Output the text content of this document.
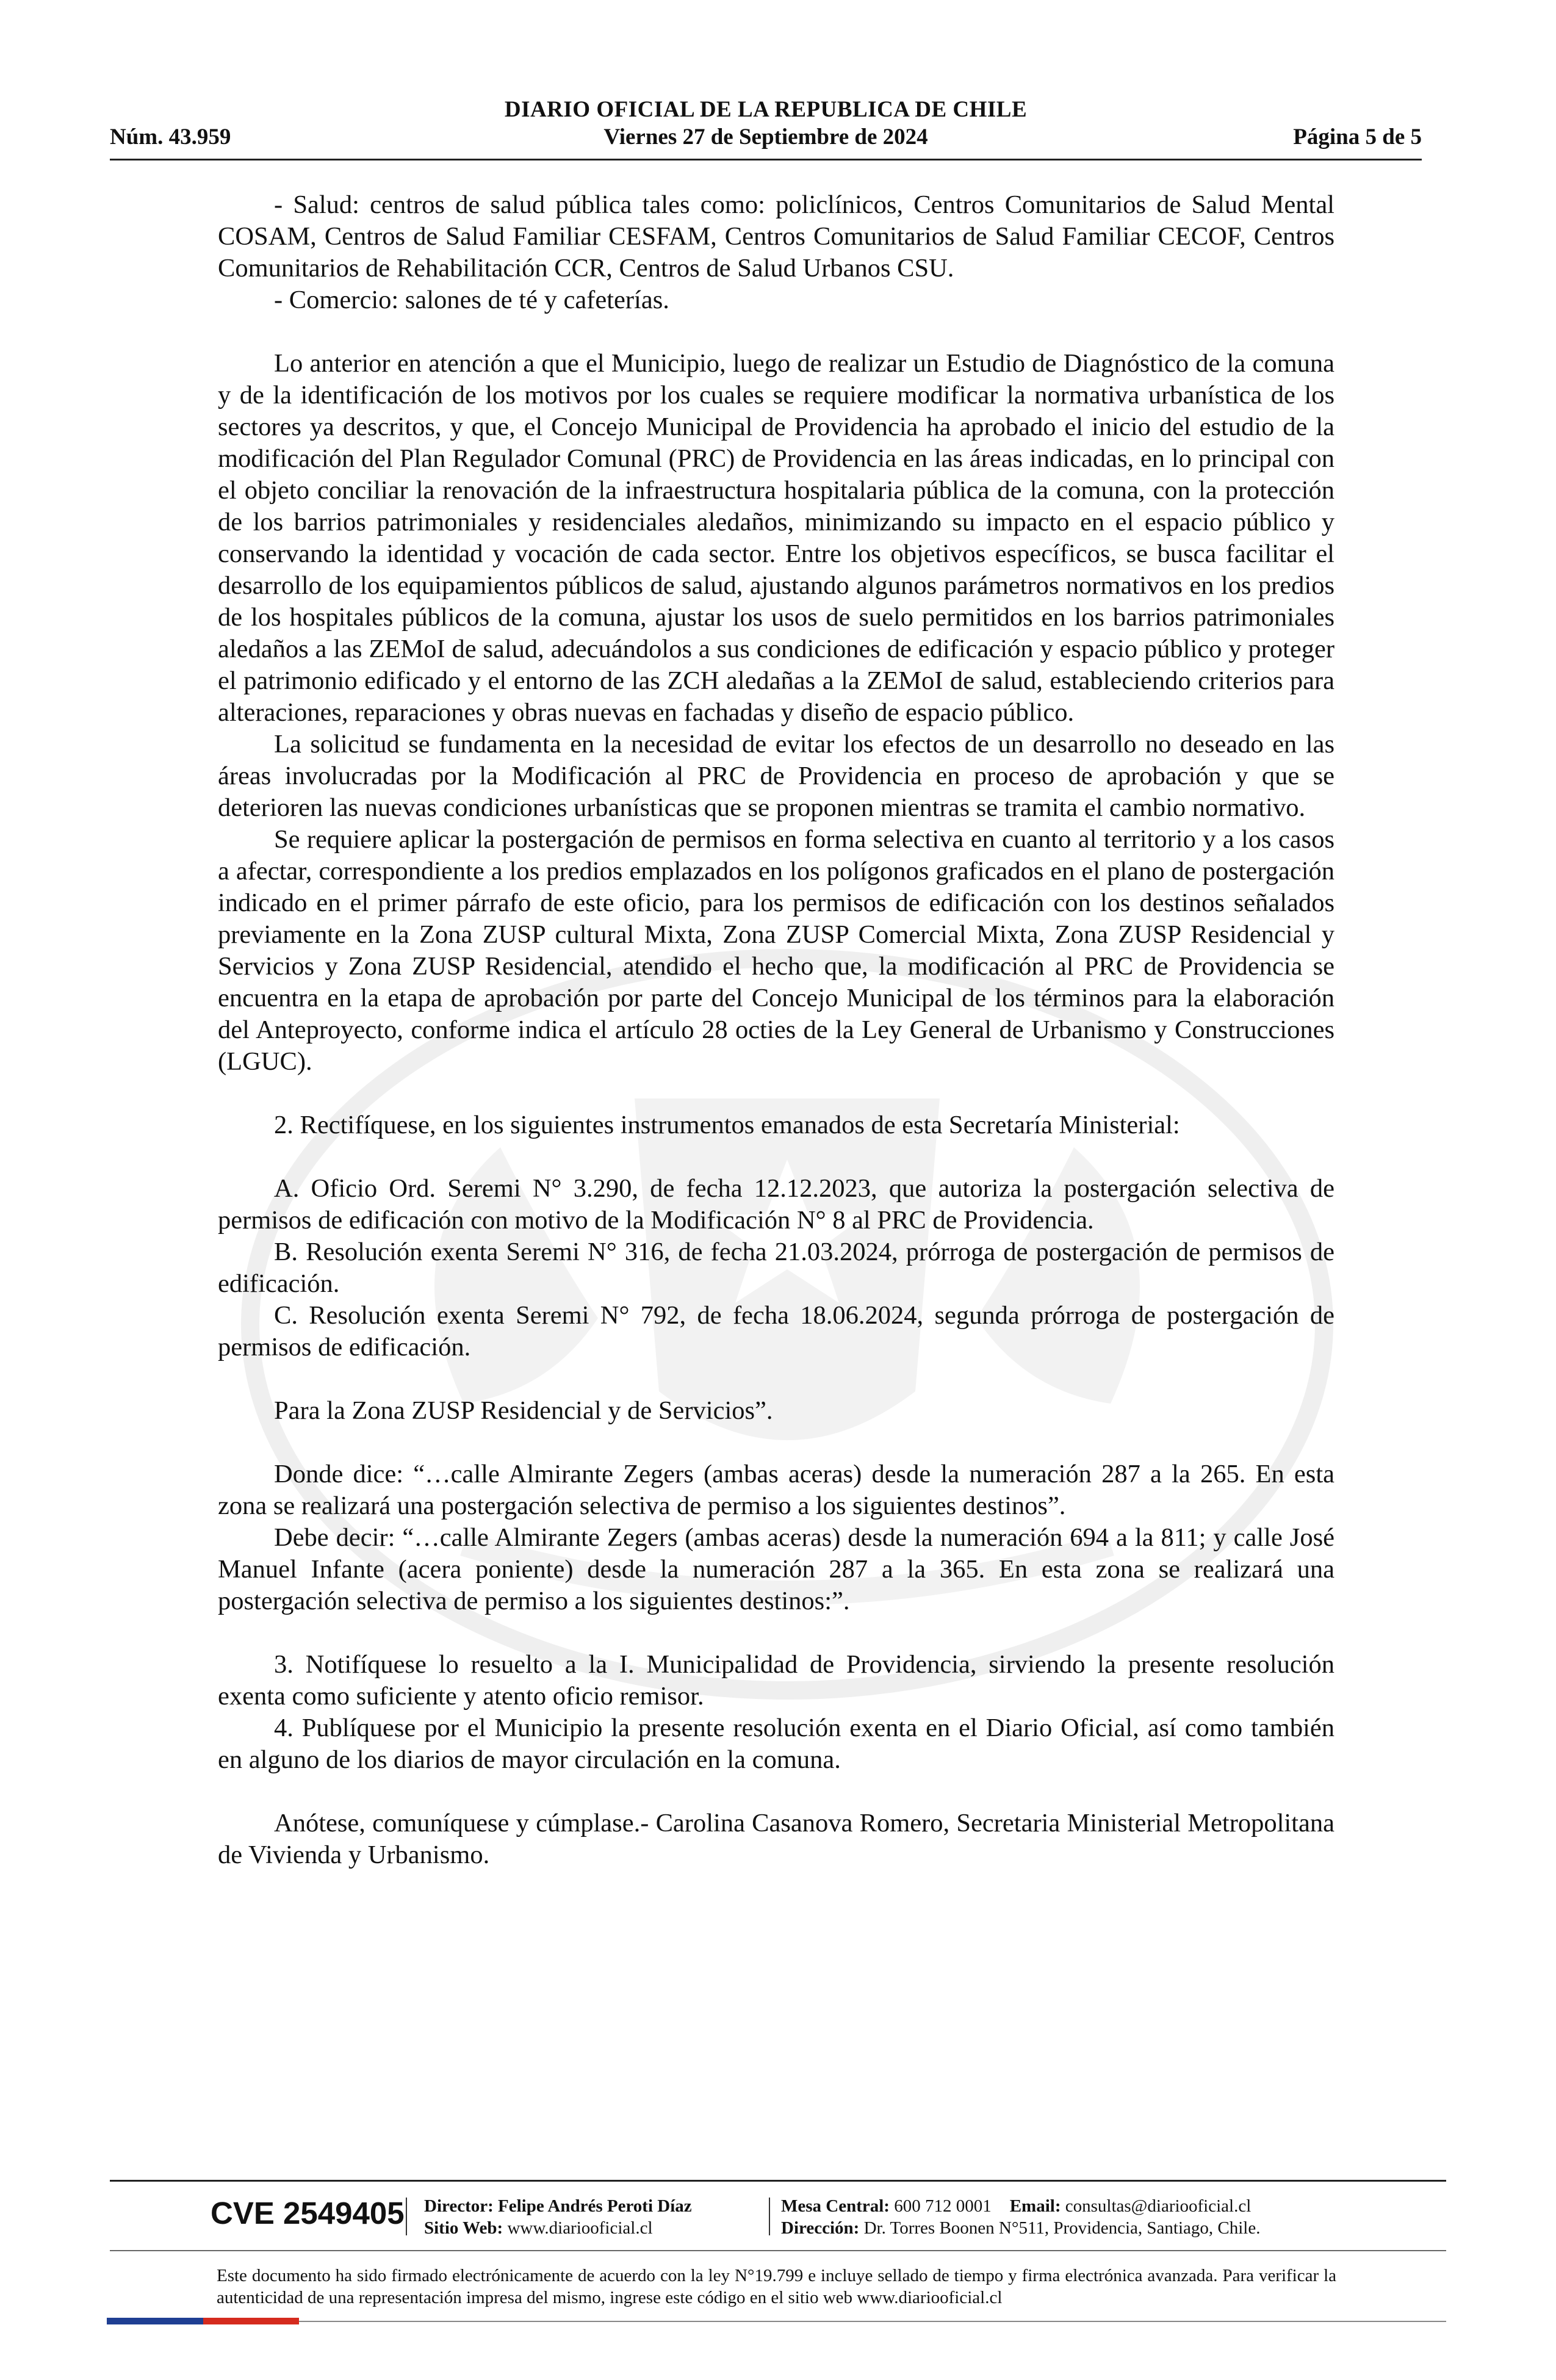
DIARIO OFICIAL DE LA REPUBLICA DE CHILE
Núm. 43.959	Viernes 27 de Septiembre de 2024	Página 5 de 5

- Salud: centros de salud pública tales como: policlínicos, Centros Comunitarios de Salud Mental COSAM, Centros de Salud Familiar CESFAM, Centros Comunitarios de Salud Familiar CECOF, Centros Comunitarios de Rehabilitación CCR, Centros de Salud Urbanos CSU.

- Comercio: salones de té y cafeterías.

Lo anterior en atención a que el Municipio, luego de realizar un Estudio de Diagnóstico de la comuna y de la identificación de los motivos por los cuales se requiere modificar la normativa urbanística de los sectores ya descritos, y que, el Concejo Municipal de Providencia ha aprobado el inicio del estudio de la modificación del Plan Regulador Comunal (PRC) de Providencia en las áreas indicadas, en lo principal con el objeto conciliar la renovación de la infraestructura hospitalaria pública de la comuna, con la protección de los barrios patrimoniales y residenciales aledaños, minimizando su impacto en el espacio público y conservando la identidad y vocación de cada sector. Entre los objetivos específicos, se busca facilitar el desarrollo de los equipamientos públicos de salud, ajustando algunos parámetros normativos en los predios de los hospitales públicos de la comuna, ajustar los usos de suelo permitidos en los barrios patrimoniales aledaños a las ZEMoI de salud, adecuándolos a sus condiciones de edificación y espacio público y proteger el patrimonio edificado y el entorno de las ZCH aledañas a la ZEMoI de salud, estableciendo criterios para alteraciones, reparaciones y obras nuevas en fachadas y diseño de espacio público.

La solicitud se fundamenta en la necesidad de evitar los efectos de un desarrollo no deseado en las áreas involucradas por la Modificación al PRC de Providencia en proceso de aprobación y que se deterioren las nuevas condiciones urbanísticas que se proponen mientras se tramita el cambio normativo.

Se requiere aplicar la postergación de permisos en forma selectiva en cuanto al territorio y a los casos a afectar, correspondiente a los predios emplazados en los polígonos graficados en el plano de postergación indicado en el primer párrafo de este oficio, para los permisos de edificación con los destinos señalados previamente en la Zona ZUSP cultural Mixta, Zona ZUSP Comercial Mixta, Zona ZUSP Residencial y Servicios y Zona ZUSP Residencial, atendido el hecho que, la modificación al PRC de Providencia se encuentra en la etapa de aprobación por parte del Concejo Municipal de los términos para la elaboración del Anteproyecto, conforme indica el artículo 28 octies de la Ley General de Urbanismo y Construcciones (LGUC).

2. Rectifíquese, en los siguientes instrumentos emanados de esta Secretaría Ministerial:

A. Oficio Ord. Seremi N° 3.290, de fecha 12.12.2023, que autoriza la postergación selectiva de permisos de edificación con motivo de la Modificación N° 8 al PRC de Providencia.

B. Resolución exenta Seremi N° 316, de fecha 21.03.2024, prórroga de postergación de permisos de edificación.

C. Resolución exenta Seremi N° 792, de fecha 18.06.2024, segunda prórroga de postergación de permisos de edificación.

Para la Zona ZUSP Residencial y de Servicios”.

Donde dice: “…calle Almirante Zegers (ambas aceras) desde la numeración 287 a la 265. En esta zona se realizará una postergación selectiva de permiso a los siguientes destinos”.

Debe decir: “…calle Almirante Zegers (ambas aceras) desde la numeración 694 a la 811; y calle José Manuel Infante (acera poniente) desde la numeración 287 a la 365. En esta zona se realizará una postergación selectiva de permiso a los siguientes destinos:”.

3. Notifíquese lo resuelto a la I. Municipalidad de Providencia, sirviendo la presente resolución exenta como suficiente y atento oficio remisor.

4. Publíquese por el Municipio la presente resolución exenta en el Diario Oficial, así como también en alguno de los diarios de mayor circulación en la comuna.

Anótese, comuníquese y cúmplase.- Carolina Casanova Romero, Secretaria Ministerial Metropolitana de Vivienda y Urbanismo.

CVE 2549405 Director: Felipe Andrés Peroti Díaz
Sitio Web: www.diariooficial.cl
Mesa Central: 600 712 0001 Email: consultas@diariooficial.cl
Dirección: Dr. Torres Boonen N°511, Providencia, Santiago, Chile.
Este documento ha sido firmado electrónicamente de acuerdo con la ley N°19.799 e incluye sellado de tiempo y firma electrónica avanzada. Para verificar la autenticidad de una representación impresa del mismo, ingrese este código en el sitio web www.diariooficial.cl
